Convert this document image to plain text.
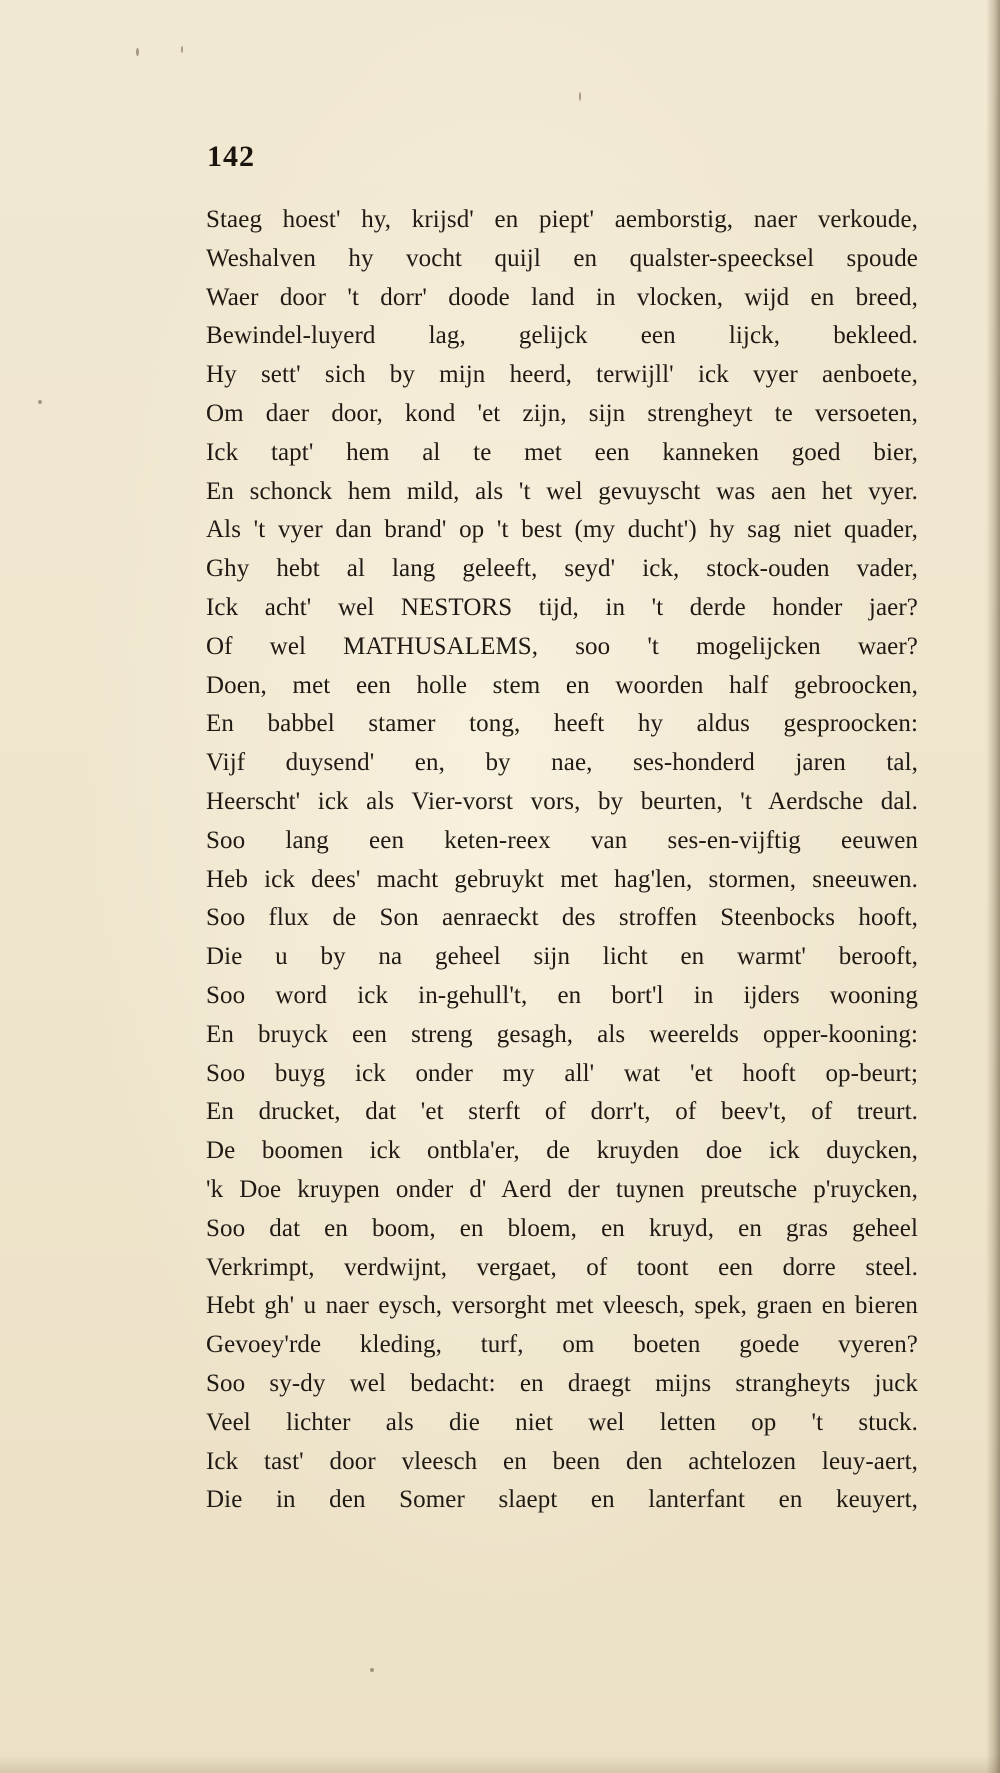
142
Staeg hoest' hy, krijsd' en piept' aemborstig, naer verkoude,
Weshalven hy vocht quijl en qualster-speecksel spoude
Waer door 't dorr' doode land in vlocken, wijd en breed,
Bewindel-luyerd lag, gelijck een lijck, bekleed.
Hy sett' sich by mijn heerd, terwijll' ick vyer aenboete,
Om daer door, kond 'et zijn, sijn strengheyt te versoeten,
Ick tapt' hem al te met een kanneken goed bier,
En schonck hem mild, als 't wel gevuyscht was aen het vyer.
Als 't vyer dan brand' op 't best (my ducht') hy sag niet quader,
Ghy hebt al lang geleeft, seyd' ick, stock-ouden vader,
Ick acht' wel NESTORS tijd, in 't derde honder jaer?
Of wel MATHUSALEMS, soo 't mogelijcken waer?
Doen, met een holle stem en woorden half gebroocken,
En babbel stamer tong, heeft hy aldus gesproocken:
Vijf duysend' en, by nae, ses-honderd jaren tal,
Heerscht' ick als Vier-vorst vors, by beurten, 't Aerdsche dal.
Soo lang een keten-reex van ses-en-vijftig eeuwen
Heb ick dees' macht gebruykt met hag'len, stormen, sneeuwen.
Soo flux de Son aenraeckt des stroffen Steenbocks hooft,
Die u by na geheel sijn licht en warmt' berooft,
Soo word ick in-gehull't, en bort'l in ijders wooning
En bruyck een streng gesagh, als weerelds opper-kooning:
Soo buyg ick onder my all' wat 'et hooft op-beurt;
En drucket, dat 'et sterft of dorr't, of beev't, of treurt.
De boomen ick ontbla'er, de kruyden doe ick duycken,
'k Doe kruypen onder d' Aerd der tuynen preutsche p'ruycken,
Soo dat en boom, en bloem, en kruyd, en gras geheel
Verkrimpt, verdwijnt, vergaet, of toont een dorre steel.
Hebt gh' u naer eysch, versorght met vleesch, spek, graen en bieren
Gevoey'rde kleding, turf, om boeten goede vyeren?
Soo sy-dy wel bedacht: en draegt mijns strangheyts juck
Veel lichter als die niet wel letten op 't stuck.
Ick tast' door vleesch en been den achtelozen leuy-aert,
Die in den Somer slaept en lanterfant en keuyert,
